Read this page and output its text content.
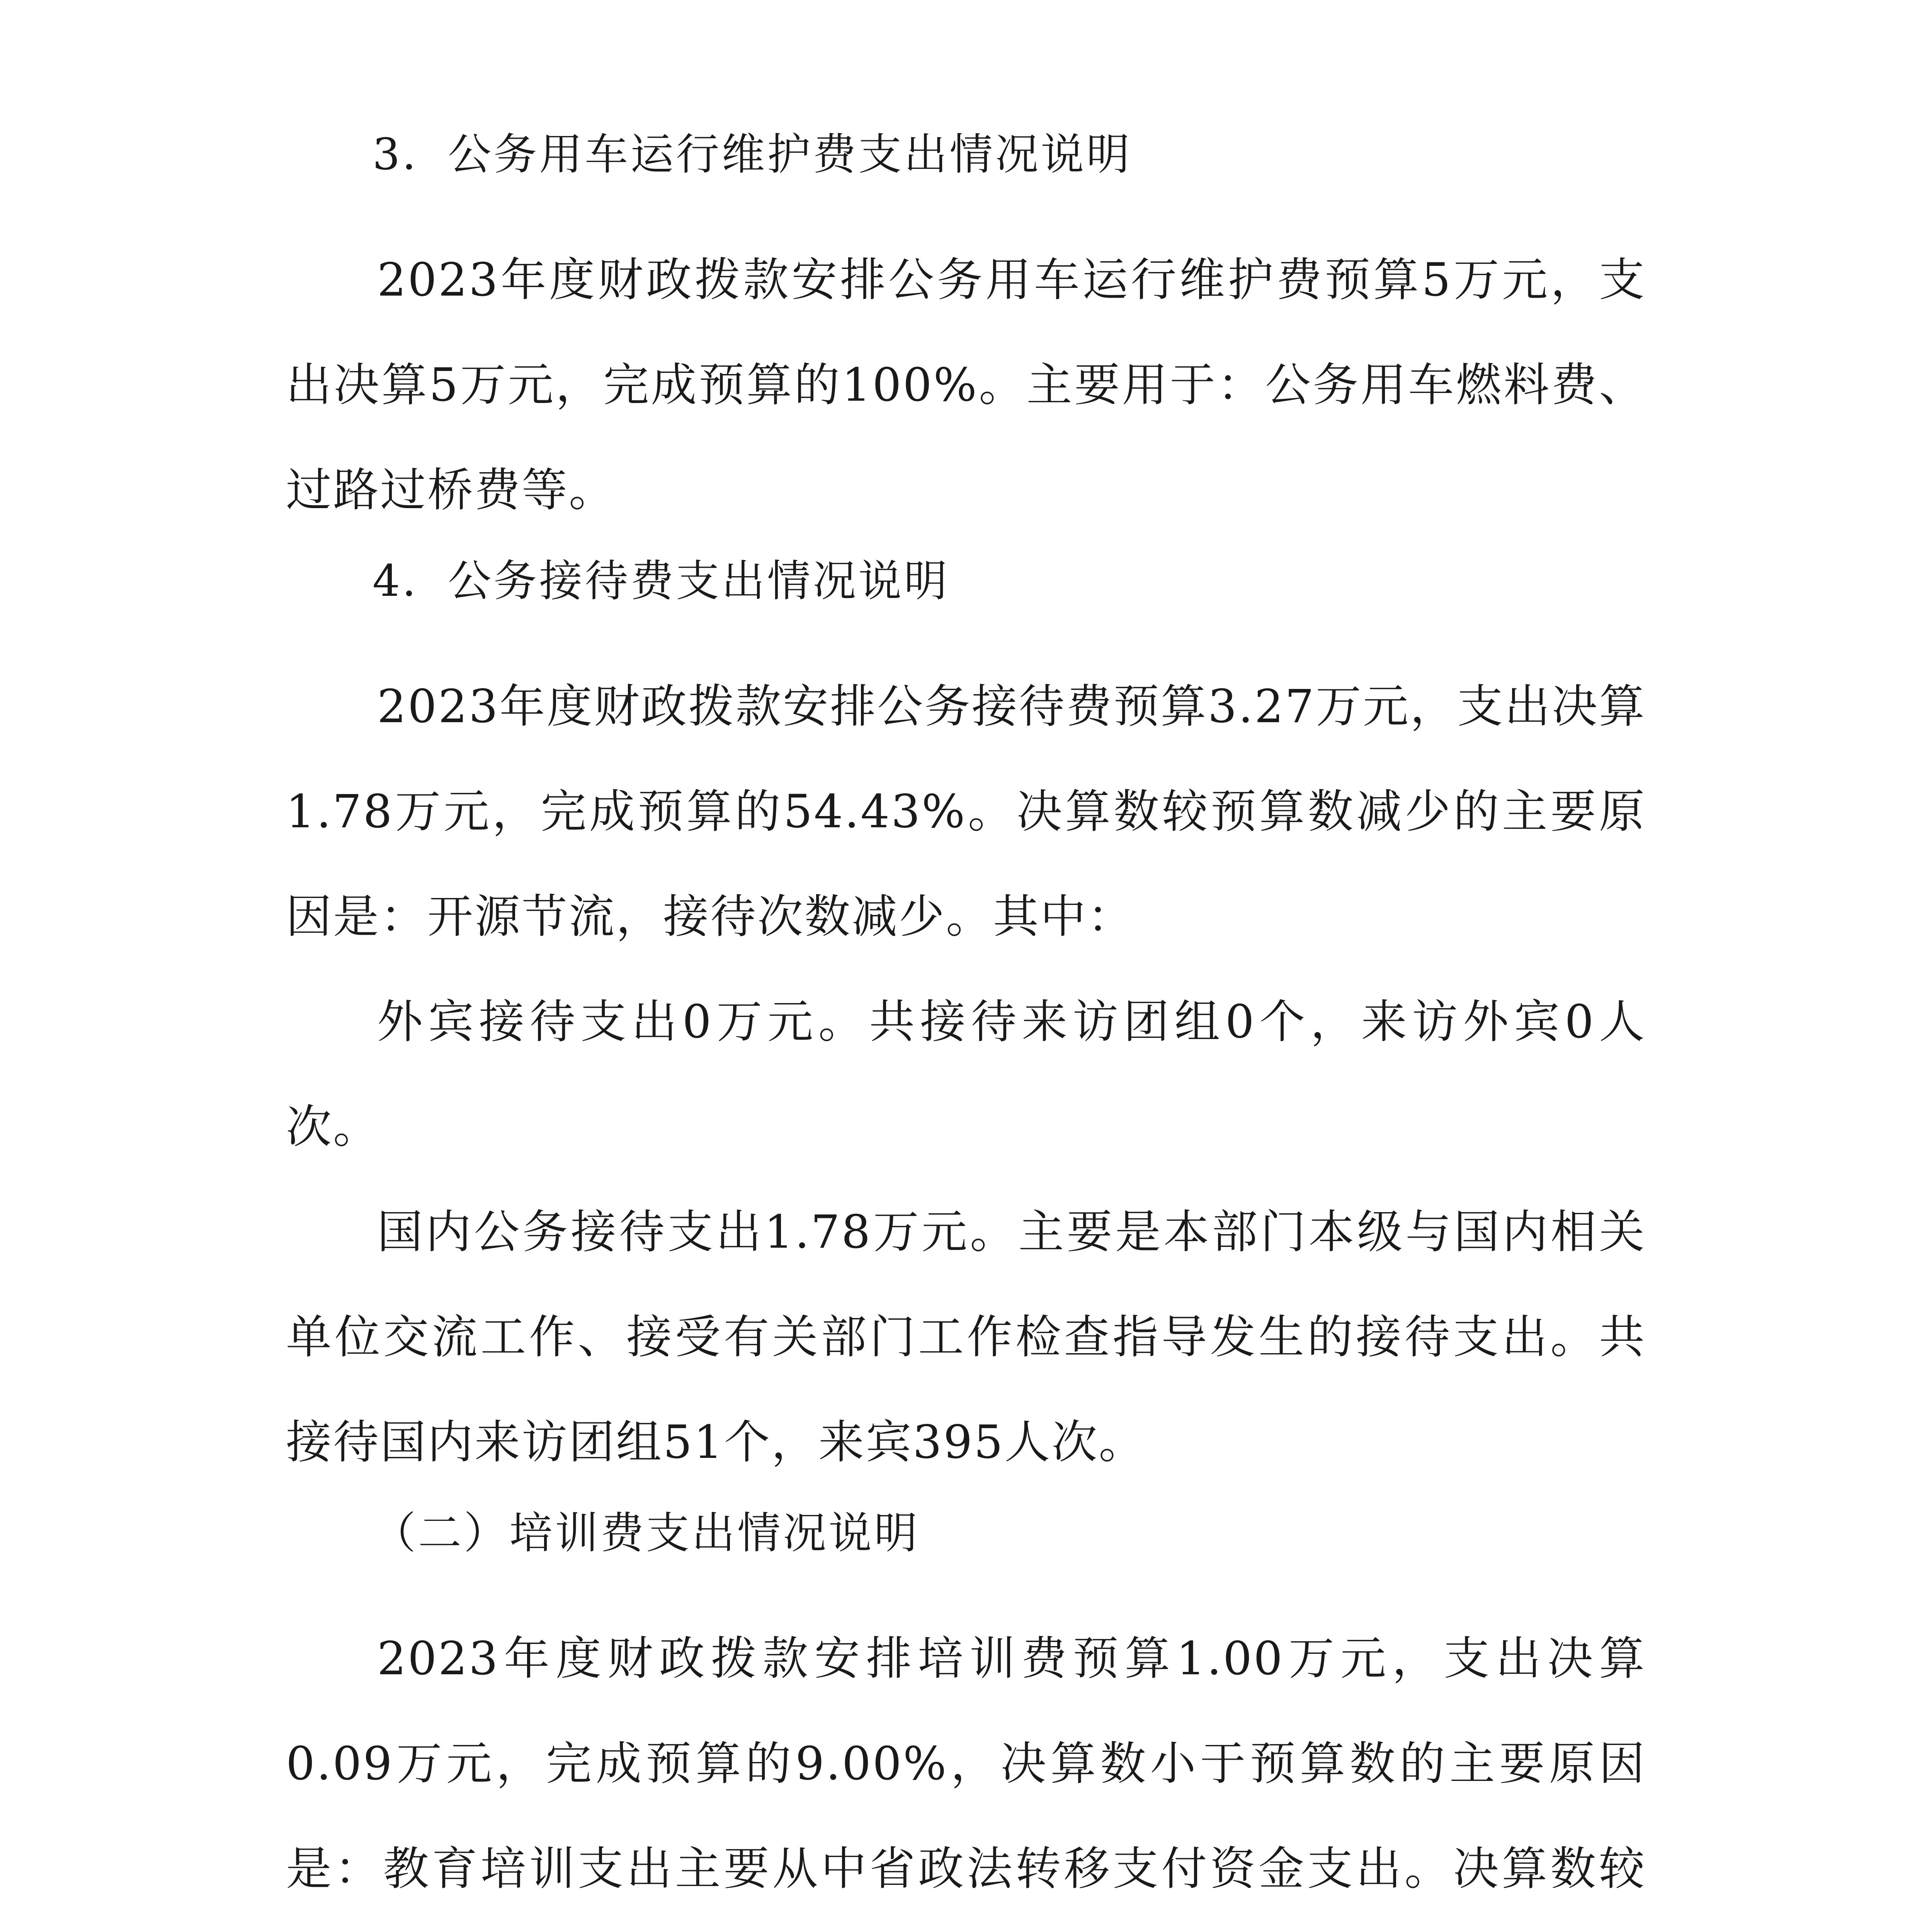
3．公务用车运行维护费支出情况说明

2023年度财政拨款安排公务用车运行维护费预算5万元，支出决算5万元，完成预算的100%。主要用于：公务用车燃料费、过路过桥费等。

4．公务接待费支出情况说明

2023年度财政拨款安排公务接待费预算3.27万元，支出决算1.78万元，完成预算的54.43%。决算数较预算数减少的主要原因是：开源节流，接待次数减少。其中：

外宾接待支出0万元。共接待来访团组0个，来访外宾0人次。

国内公务接待支出1.78万元。主要是本部门本级与国内相关单位交流工作、接受有关部门工作检查指导发生的接待支出。共接待国内来访团组51个，来宾395人次。

（二）培训费支出情况说明

2023年度财政拨款安排培训费预算1.00万元，支出决算0.09万元，完成预算的9.00%，决算数小于预算数的主要原因是：教育培训支出主要从中省政法转移支付资金支出。决算数较
